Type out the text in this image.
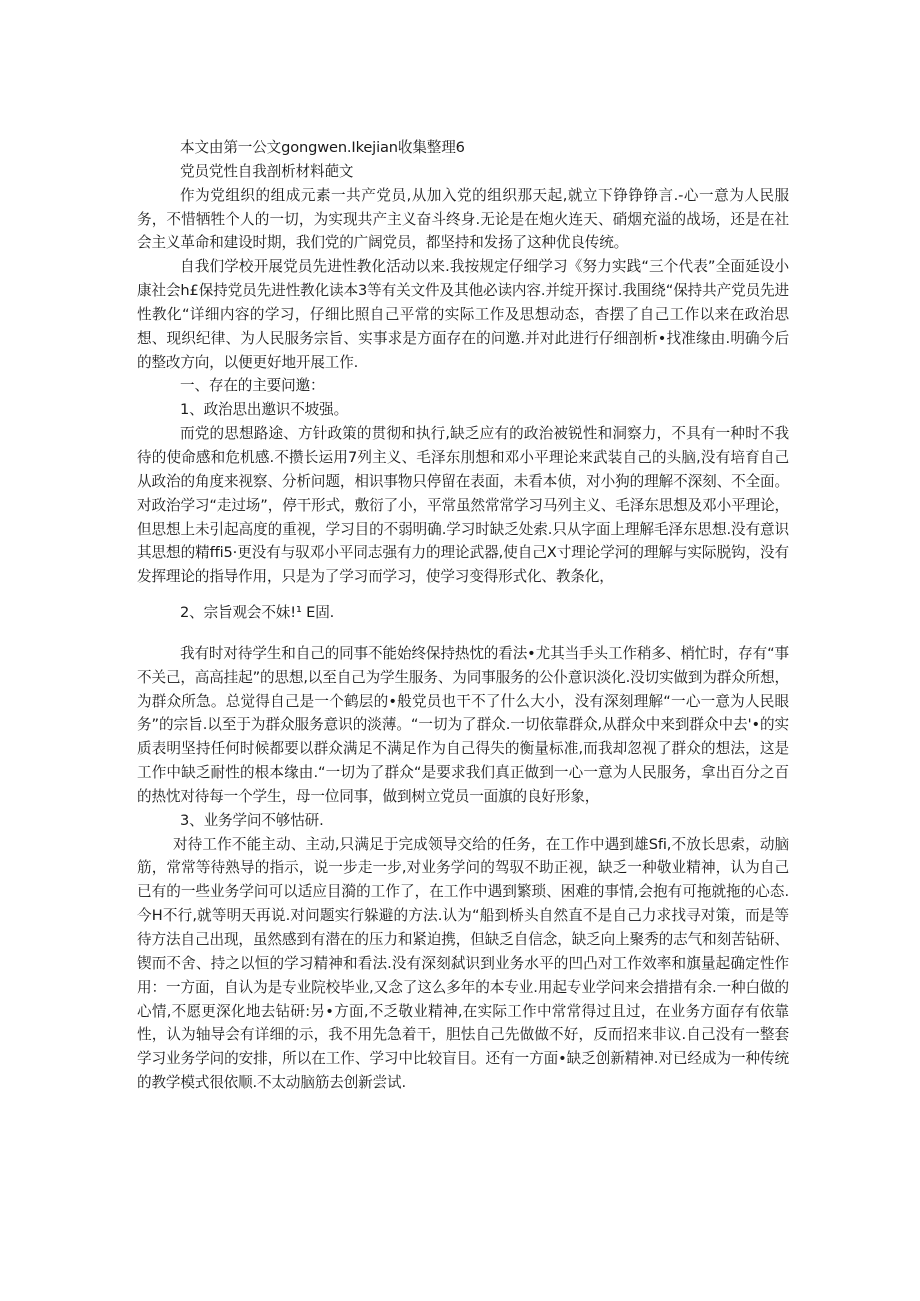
本文由第一公文gongwen.Ikejian收集整理6

党员党性自我剖析材料葩文

作为党组织的组成元素一共产党员,从加入党的组织那天起,就立下铮铮铮言.-心一意为人民服务，不惜牺牲个人的一切，为实现共产主义奋斗终身.无论是在炮火连天、硝烟充溢的战场，还是在社会主义革命和建设时期，我们党的广阔党员，都坚持和发扬了这种优良传统。

自我们学校开展党员先进性教化活动以来.我按规定仔细学习《努力实践“三个代表”全面延设小康社会h£保持党员先进性教化读本3等有关文件及其他必读内容.并绽开探讨.我围绕“保持共产党员先进性教化“详细内容的学习，仔细比照自己平常的实际工作及思想动态，杳摆了自己工作以来在政治思想、现织纪律、为人民服务宗旨、实事求是方面存在的问邀.并对此进行仔细剖析•找准缘由.明确今后的整改方向，以便更好地开展工作.

一、存在的主要问邀：

1、政治思出邀识不坡强。

而党的思想路途、方针政策的贯彻和执行,缺乏应有的政治被锐性和洞察力，不具有一种时不我待的使命感和危机感.不攒长运用7列主义、毛泽东刖想和邓小平理论来武装自己的头脑,没有培育自己从政治的角度来视察、分析问题，相识事物只停留在表面，未看本侦，对小狗的理解不深刻、不全面。对政治学习“走过场”，停干形式，敷衍了小，平常虽然常常学习马列主义、毛泽东思想及邓小平理论，但思想上未引起高度的重视，学习目的不弱明确.学习时缺乏处索.只从字面上理解毛泽东思想.没有意识其思想的精ffi5·更没有与驭邓小平同志强有力的理论武器,使自己X寸理论学河的理解与实际脱钩，没有发挥理论的指导作用，只是为了学习而学习，使学习变得形式化、教条化，

2、宗旨观会不妹!¹ E固.

我有时对待学生和自己的同事不能始终保持热忱的看法•尤其当手头工作稍多、梢忙时，存有“事不关己，高高挂起”的思想,以至自己为学生服务、为同事服务的公仆意识淡化.没切实做到为群众所想，为群众所急。总觉得自己是一个鹤层的•般党员也干不了什么大小，没有深刻理解“一心一意为人民眼务”的宗旨.以至于为群众服务意识的淡薄。“一切为了群众.一切依靠群众,从群众中来到群众中去'•的实质表明坚持任何时候都要以群众满足不满足作为自己得失的衡量标准,而我却忽视了群众的想法，这是工作中缺乏耐性的根本缘由.“一切为了群众“是要求我们真正做到一心一意为人民服务，拿出百分之百的热忱对待每一个学生，母一位同事，做到树立党员一面旗的良好形象，

3、业务学问不够怙研.

对待工作不能主动、主动,只满足于完成领导交给的任务，在工作中遇到雄Sfi,不放长思索，动脑筋，常常等待熟导的指示，说一步走一步,对业务学问的驾驭不助正视，缺乏一种敬业精神，认为自己已有的一些业务学问可以适应目漪的工作了，在工作中遇到繁琐、困难的事情,会抱有可拖就拖的心态.今H不行,就等明天再说.对问题实行躲避的方法.认为“船到桥头自然直不是自己力求找寻对策，而是等待方法自己出现，虽然感到有潜在的压力和紧迫携，但缺乏自信念，缺乏向上聚秀的志气和刻苦钻研、锲而不舍、持之以恒的学习精神和看法.没有深刻弑识到业务水平的凹凸对工作效率和旗量起确定性作用：一方面，自认为是专业院校毕业,又念了这么多年的本专业.用起专业学问来会措措有余.一种白做的心情,不愿更深化地去钻研:另•方面,不乏敬业精神,在实际工作中常常得过且过，在业务方面存有依靠性，认为轴导会有详细的示，我不用先急着干，胆怯自己先做做不好，反而招来非议.自己没有一整套学习业务学问的安排，所以在工作、学习中比较盲目。还有一方面•缺乏创新精神.对已经成为一种传统的教学模式很依顺.不太动脑筋去创新尝试.
